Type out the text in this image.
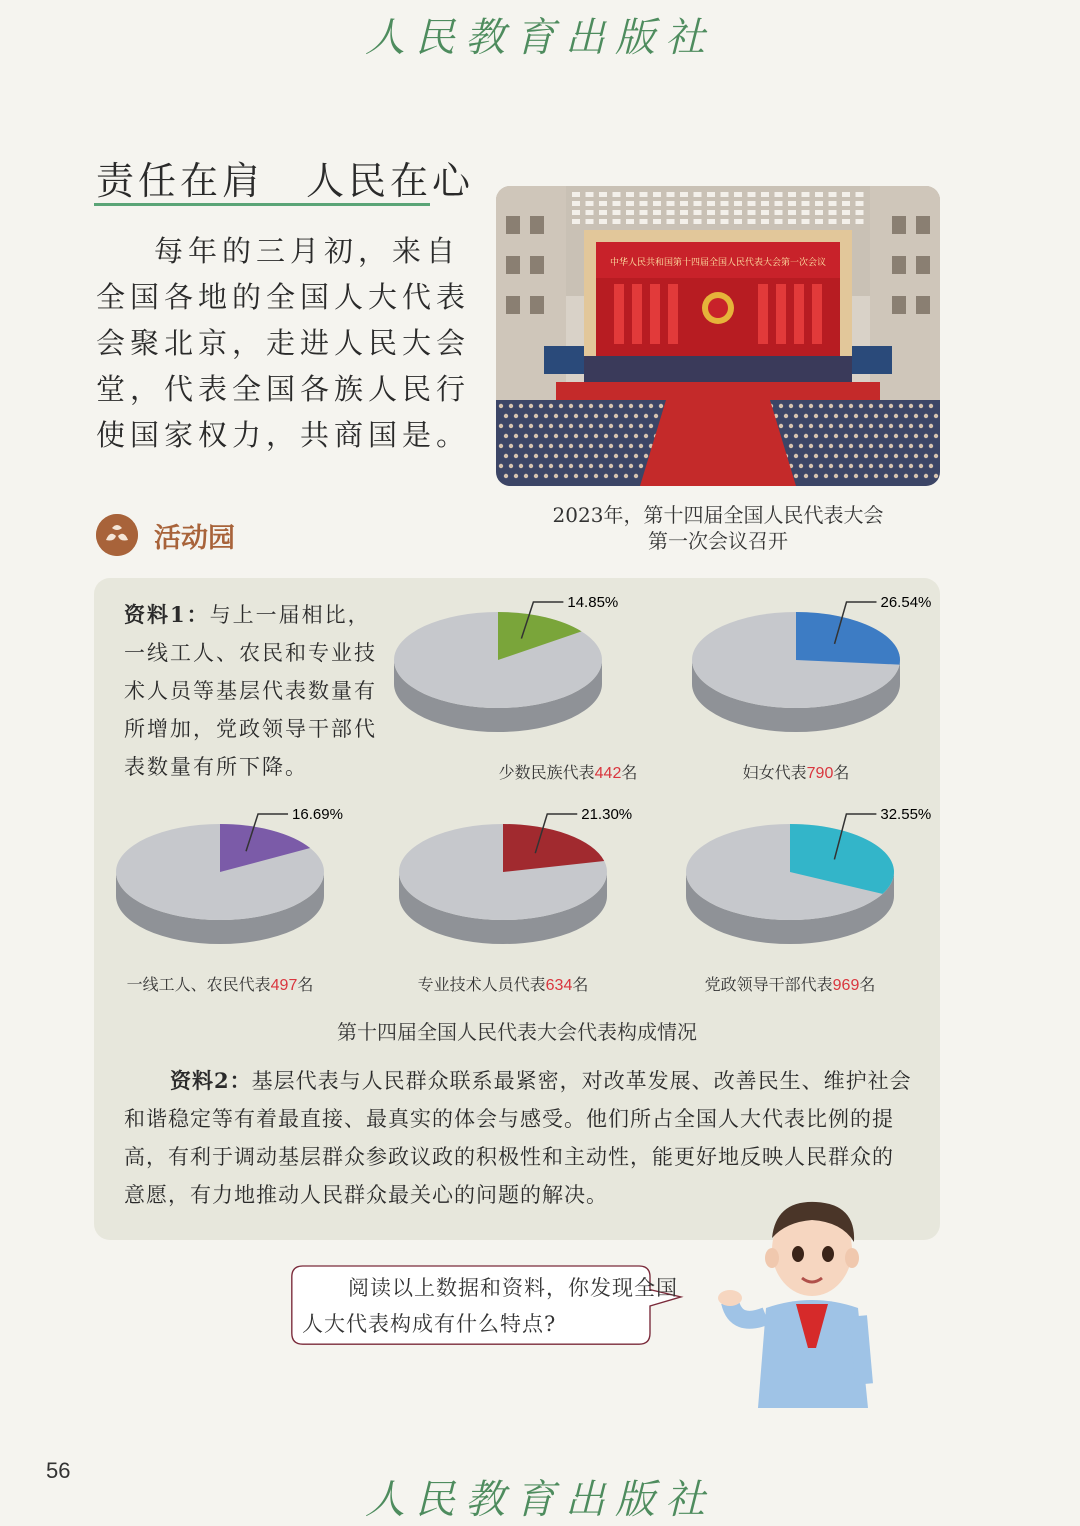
人民教育出版社
责任在肩　人民在心
每年的三月初，来自全国各地的全国人大代表会聚北京，走进人民大会堂，代表全国各族人民行使国家权力，共商国是。
中华人民共和国第十四届全国人民代表大会第一次会议
2023年，第十四届全国人民代表大会
第一次会议召开
活动园
资料1：与上一届相比，一线工人、农民和专业技术人员等基层代表数量有所增加，党政领导干部代表数量有所下降。
14.85%	26.54%
16.69%	21.30%	32.55%
第十四届全国人民代表大会代表构成情况
资料2：基层代表与人民群众联系最紧密，对改革发展、改善民生、维护社会和谐稳定等有着最直接、最真实的体会与感受。他们所占全国人大代表比例的提高，有利于调动基层群众参政议政的积极性和主动性，能更好地反映人民群众的意愿，有力地推动人民群众最关心的问题的解决。
阅读以上数据和资料，你发现全国人大代表构成有什么特点?
人民教育出版社
56
少数民族代表442名	妇女代表790名
一线工人、农民代表497名	专业技术人员代表634名	党政领导干部代表969名
